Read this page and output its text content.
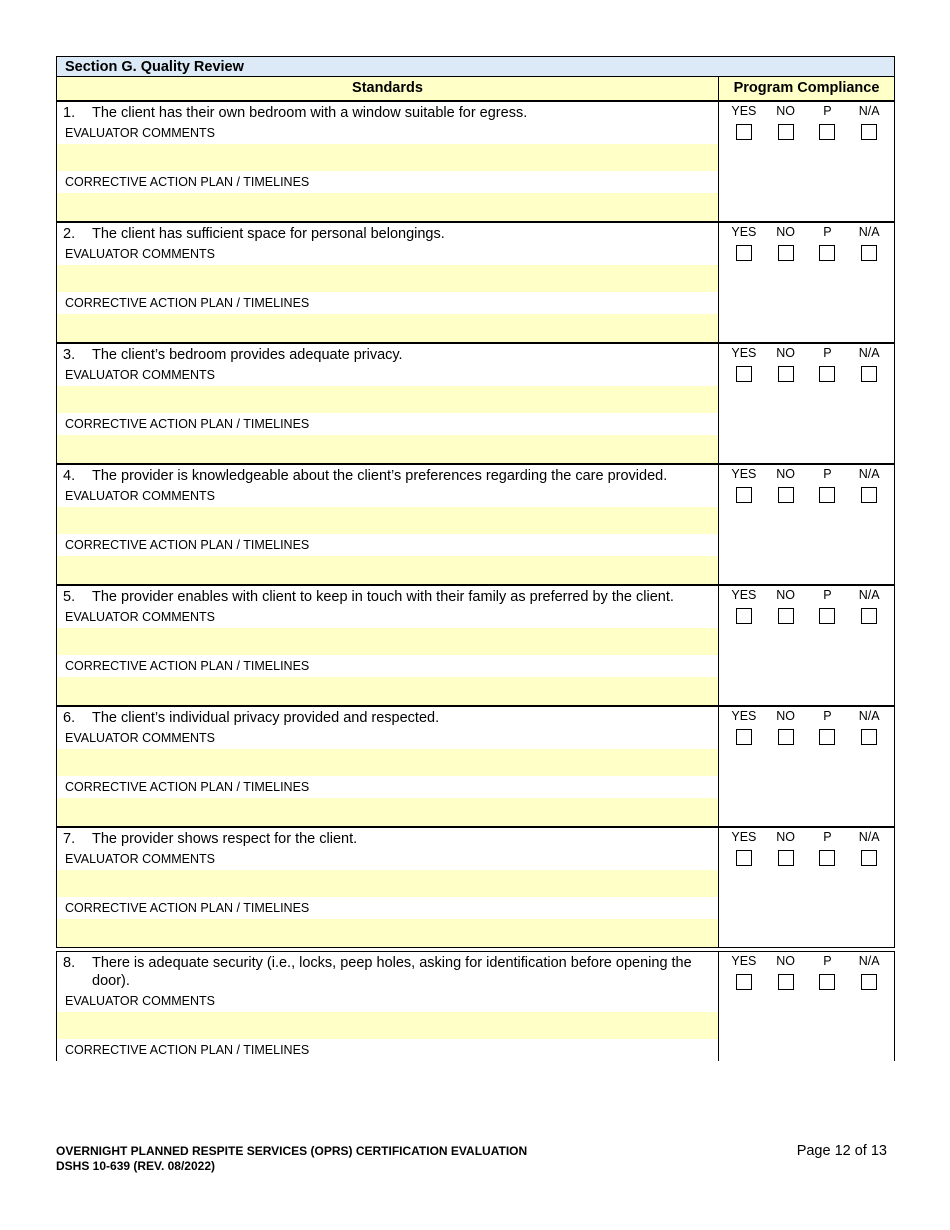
Section G. Quality Review
Standards	Program Compliance
1.	The client has their own bedroom with a window suitable for egress.
EVALUATOR COMMENTS
CORRECTIVE ACTION PLAN / TIMELINES
YES	NO	P	N/A
2.	The client has sufficient space for personal belongings.
EVALUATOR COMMENTS
CORRECTIVE ACTION PLAN / TIMELINES
YES	NO	P	N/A
3.	The client’s bedroom provides adequate privacy.
EVALUATOR COMMENTS
CORRECTIVE ACTION PLAN / TIMELINES
YES	NO	P	N/A
4.	The provider is knowledgeable about the client’s preferences regarding the care provided.
EVALUATOR COMMENTS
CORRECTIVE ACTION PLAN / TIMELINES
YES	NO	P	N/A
5.	The provider enables with client to keep in touch with their family as preferred by the client.
EVALUATOR COMMENTS
CORRECTIVE ACTION PLAN / TIMELINES
YES	NO	P	N/A
6.	The client’s individual privacy provided and respected.
EVALUATOR COMMENTS
CORRECTIVE ACTION PLAN / TIMELINES
YES	NO	P	N/A
7.	The provider shows respect for the client.
EVALUATOR COMMENTS
CORRECTIVE ACTION PLAN / TIMELINES
YES	NO	P	N/A
8.	There is adequate security (i.e., locks, peep holes, asking for identification before opening the door).
EVALUATOR COMMENTS
CORRECTIVE ACTION PLAN / TIMELINES
YES	NO	P	N/A
OVERNIGHT PLANNED RESPITE SERVICES (OPRS) CERTIFICATION EVALUATION
DSHS 10-639 (REV. 08/2022)
Page 12 of 13
